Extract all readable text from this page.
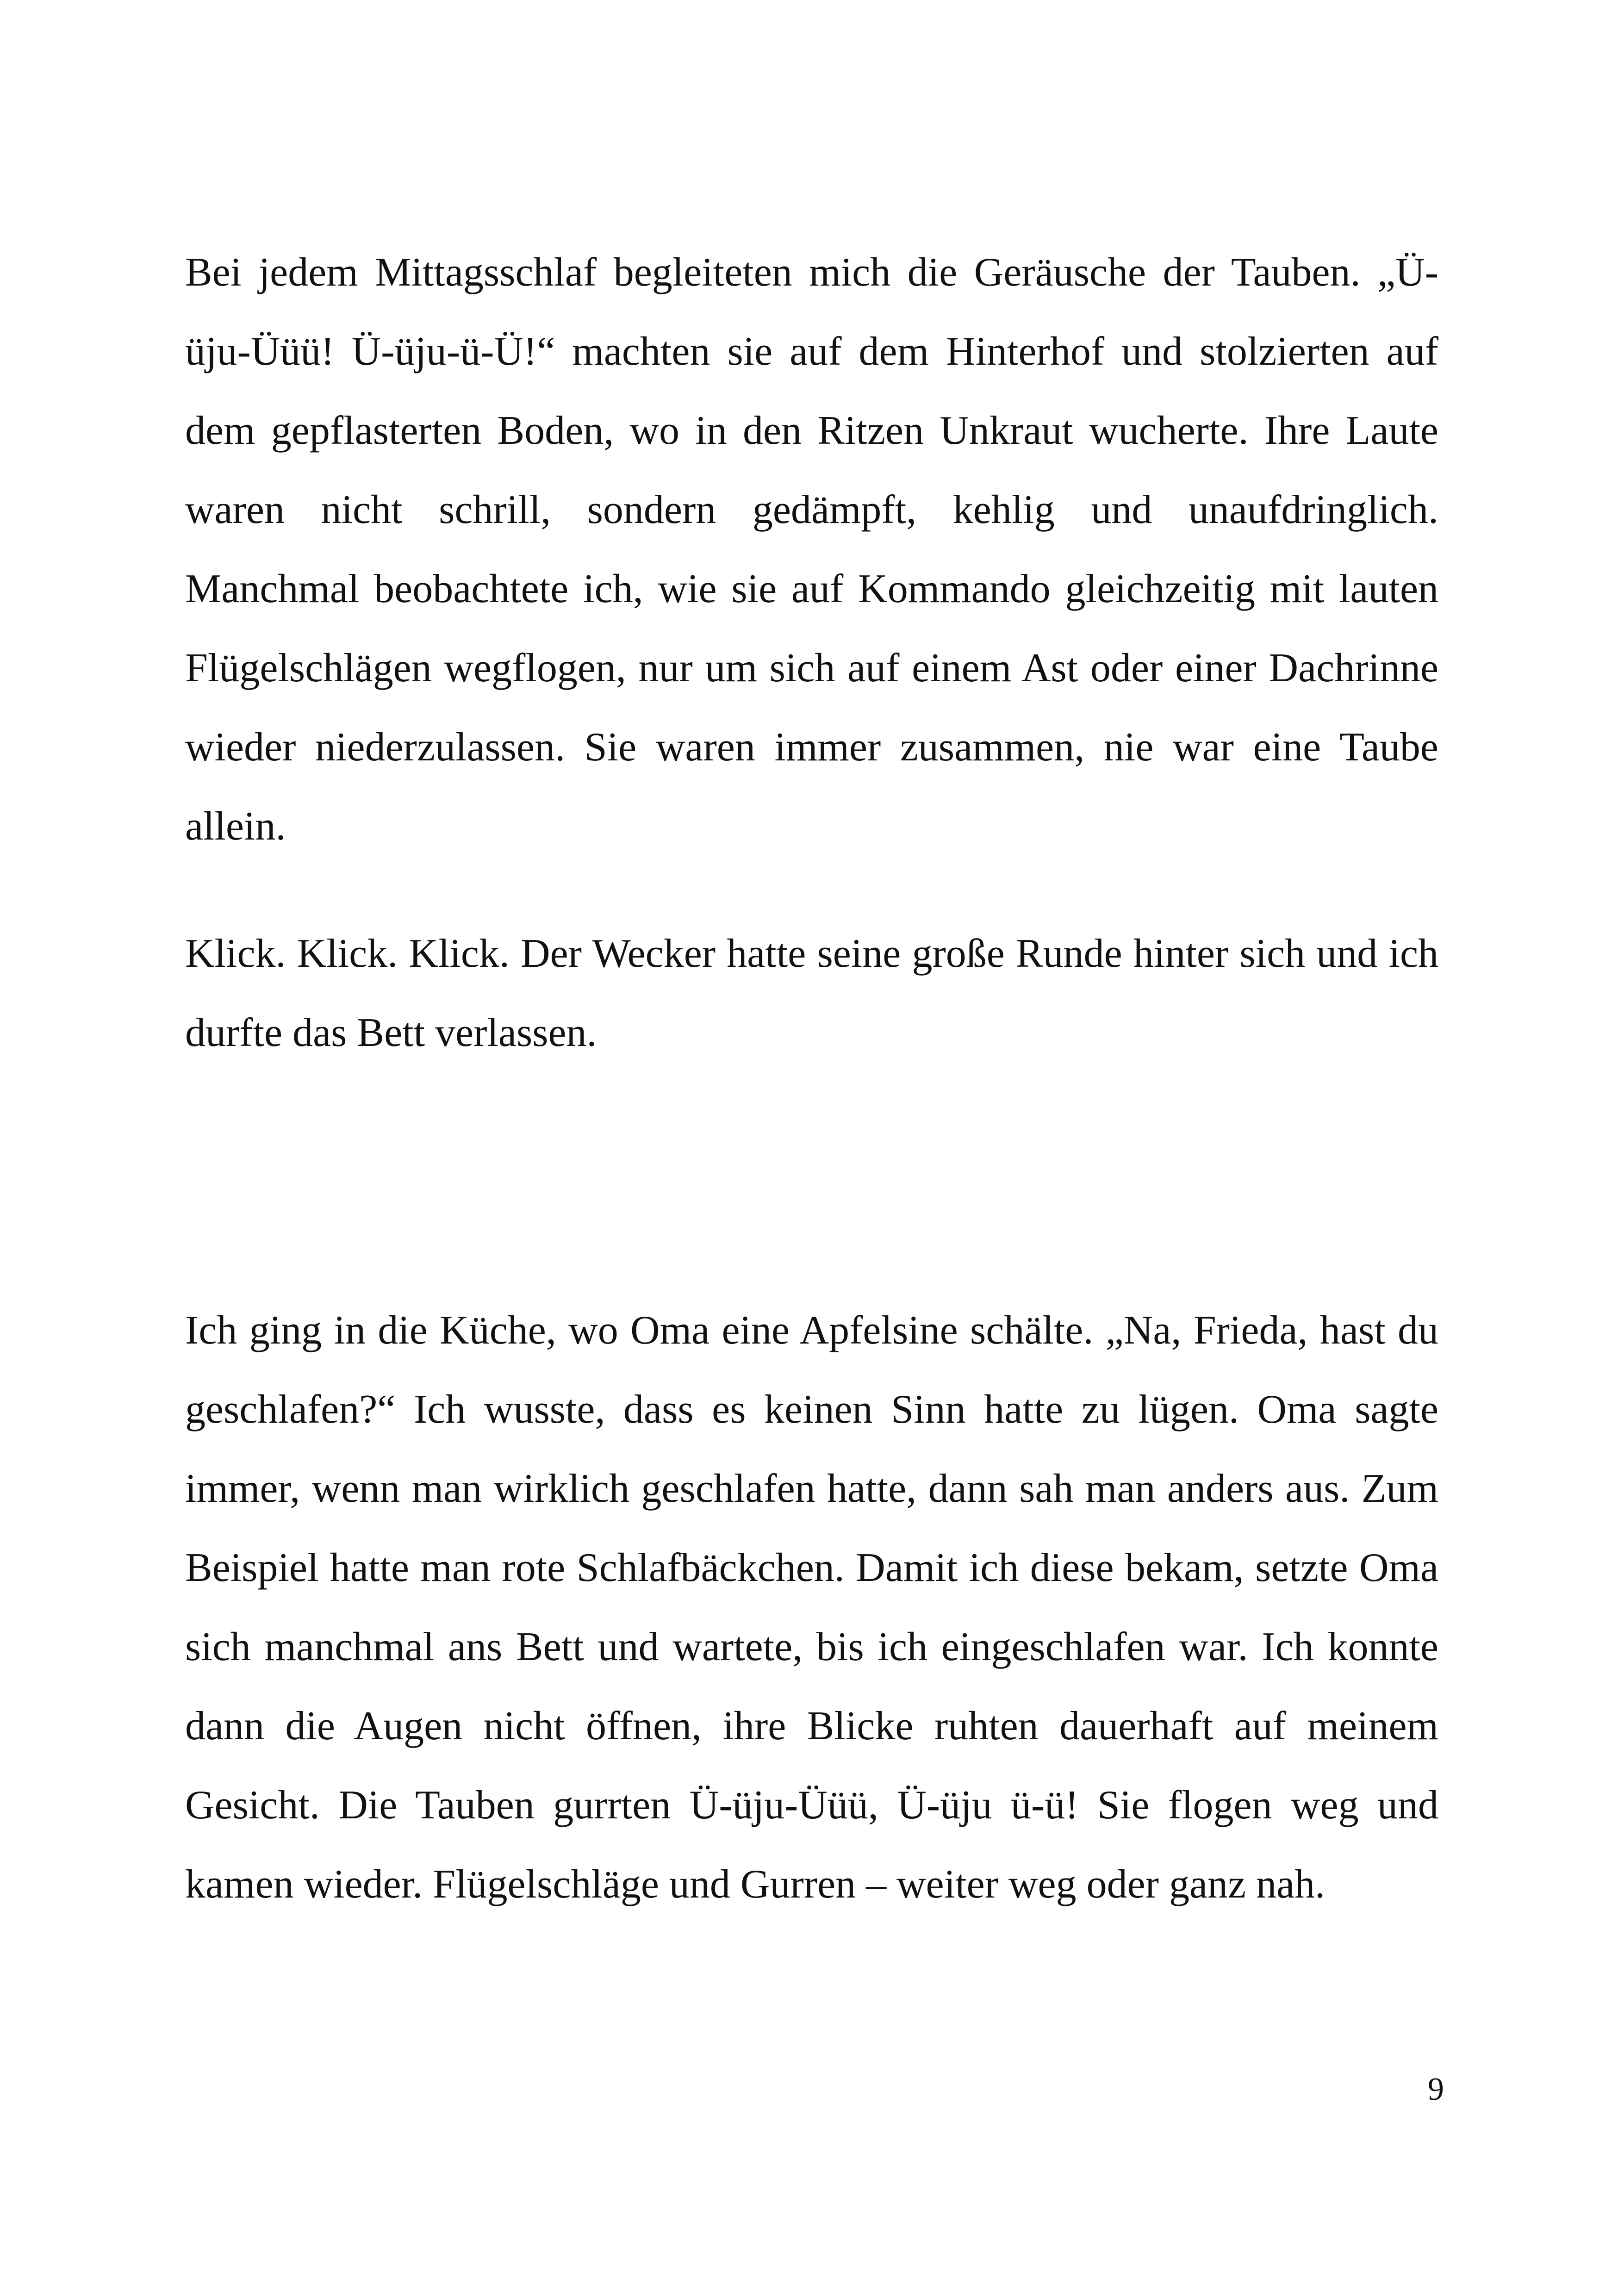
Bei jedem Mittagsschlaf begleiteten mich die Geräusche der Tauben. „Ü-üju-Üüü! Ü-üju-ü-Ü!“ machten sie auf dem Hinterhof und stolzierten auf dem gepflasterten Boden, wo in den Ritzen Unkraut wucherte. Ihre Laute waren nicht schrill, sondern gedämpft, kehlig und unaufdringlich. Manchmal beobachtete ich, wie sie auf Kommando gleichzeitig mit lauten Flügelschlägen wegflogen, nur um sich auf einem Ast oder einer Dachrinne wieder niederzulassen. Sie waren immer zusammen, nie war eine Taube allein.

Klick. Klick. Klick. Der Wecker hatte seine große Runde hinter sich und ich durfte das Bett verlassen.

Ich ging in die Küche, wo Oma eine Apfelsine schälte. „Na, Frieda, hast du geschlafen?“ Ich wusste, dass es keinen Sinn hatte zu lügen. Oma sagte immer, wenn man wirklich geschlafen hatte, dann sah man anders aus. Zum Beispiel hatte man rote Schlafbäckchen. Damit ich diese bekam, setzte Oma sich manchmal ans Bett und wartete, bis ich eingeschlafen war. Ich konnte dann die Augen nicht öffnen, ihre Blicke ruhten dauerhaft auf meinem Gesicht. Die Tauben gurrten Ü-üju-Üüü, Ü-üju ü-ü! Sie flogen weg und kamen wieder. Flügelschläge und Gurren – weiter weg oder ganz nah.

9
